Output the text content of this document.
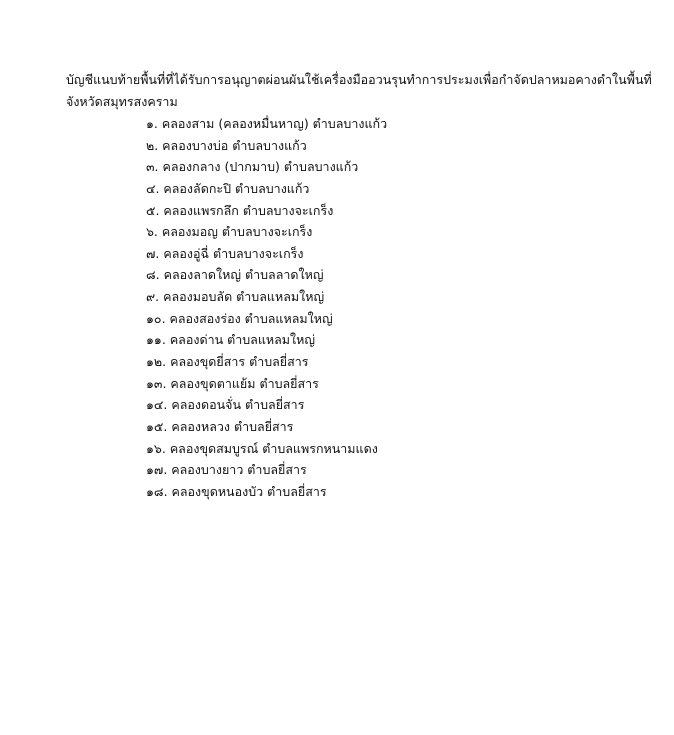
บัญชีแนบท้ายพื้นที่ที่ได้รับการอนุญาตผ่อนผันใช้เครื่องมืออวนรุนทำการประมงเพื่อกำจัดปลาหมอคางดำในพื้นที่
จังหวัดสมุทรสงคราม
๑. คลองสาม (คลองหมื่นหาญ) ตำบลบางแก้ว
๒. คลองบางบ่อ ตำบลบางแก้ว
๓. คลองกลาง (ปากมาบ) ตำบลบางแก้ว
๔. คลองลัดกะปิ ตำบลบางแก้ว
๕. คลองแพรกลึก ตำบลบางจะเกร็ง
๖. คลองมอญ ตำบลบางจะเกร็ง
๗. คลองอู่ฉี่ ตำบลบางจะเกร็ง
๘. คลองลาดใหญ่ ตำบลลาดใหญ่
๙. คลองมอบลัด ตำบลแหลมใหญ่
๑๐. คลองสองร่อง ตำบลแหลมใหญ่
๑๑. คลองด่าน ตำบลแหลมใหญ่
๑๒. คลองขุดยี่สาร ตำบลยี่สาร
๑๓. คลองขุดตาแย้ม ตำบลยี่สาร
๑๔. คลองดอนจั่น ตำบลยี่สาร
๑๕. คลองหลวง ตำบลยี่สาร
๑๖. คลองขุดสมบูรณ์ ตำบลแพรกหนามแดง
๑๗. คลองบางยาว ตำบลยี่สาร
๑๘. คลองขุดหนองบัว ตำบลยี่สาร
